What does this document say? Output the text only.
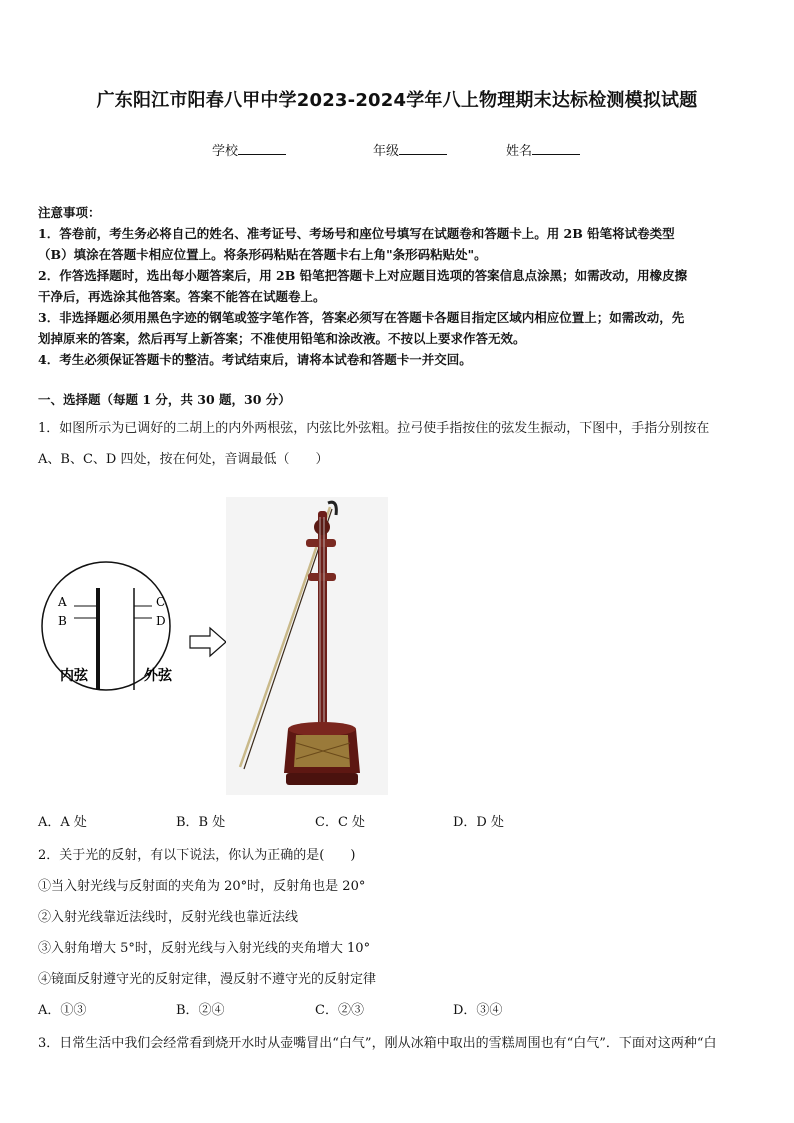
广东阳江市阳春八甲中学2023-2024学年八上物理期末达标检测模拟试题
学校	年级	姓名
注意事项：
1．答卷前，考生务必将自己的姓名、准考证号、考场号和座位号填写在试题卷和答题卡上。用 2B 铅笔将试卷类型
（B）填涂在答题卡相应位置上。将条形码粘贴在答题卡右上角"条形码粘贴处"。
2．作答选择题时，选出每小题答案后，用 2B 铅笔把答题卡上对应题目选项的答案信息点涂黑；如需改动，用橡皮擦
干净后，再选涂其他答案。答案不能答在试题卷上。
3．非选择题必须用黑色字迹的钢笔或签字笔作答，答案必须写在答题卡各题目指定区域内相应位置上；如需改动，先
划掉原来的答案，然后再写上新答案；不准使用铅笔和涂改液。不按以上要求作答无效。
4．考生必须保证答题卡的整洁。考试结束后，请将本试卷和答题卡一并交回。
一、选择题（每题 1 分，共 30 题，30 分）
1．如图所示为已调好的二胡上的内外两根弦，内弦比外弦粗。拉弓使手指按住的弦发生振动，下图中，手指分别按在
A、B、C、D 四处，按在何处，音调最低（　　）
A
B
C
D
内弦	外弦
A．A 处	B．B 处	C．C 处	D．D 处
2．关于光的反射，有以下说法，你认为正确的是(　　)
①当入射光线与反射面的夹角为 20°时，反射角也是 20°
②入射光线靠近法线时，反射光线也靠近法线
③入射角增大 5°时，反射光线与入射光线的夹角增大 10°
④镜面反射遵守光的反射定律，漫反射不遵守光的反射定律
A．①③	B．②④	C．②③	D．③④
3．日常生活中我们会经常看到烧开水时从壶嘴冒出“白气”，刚从冰箱中取出的雪糕周围也有“白气”．下面对这两种“白
